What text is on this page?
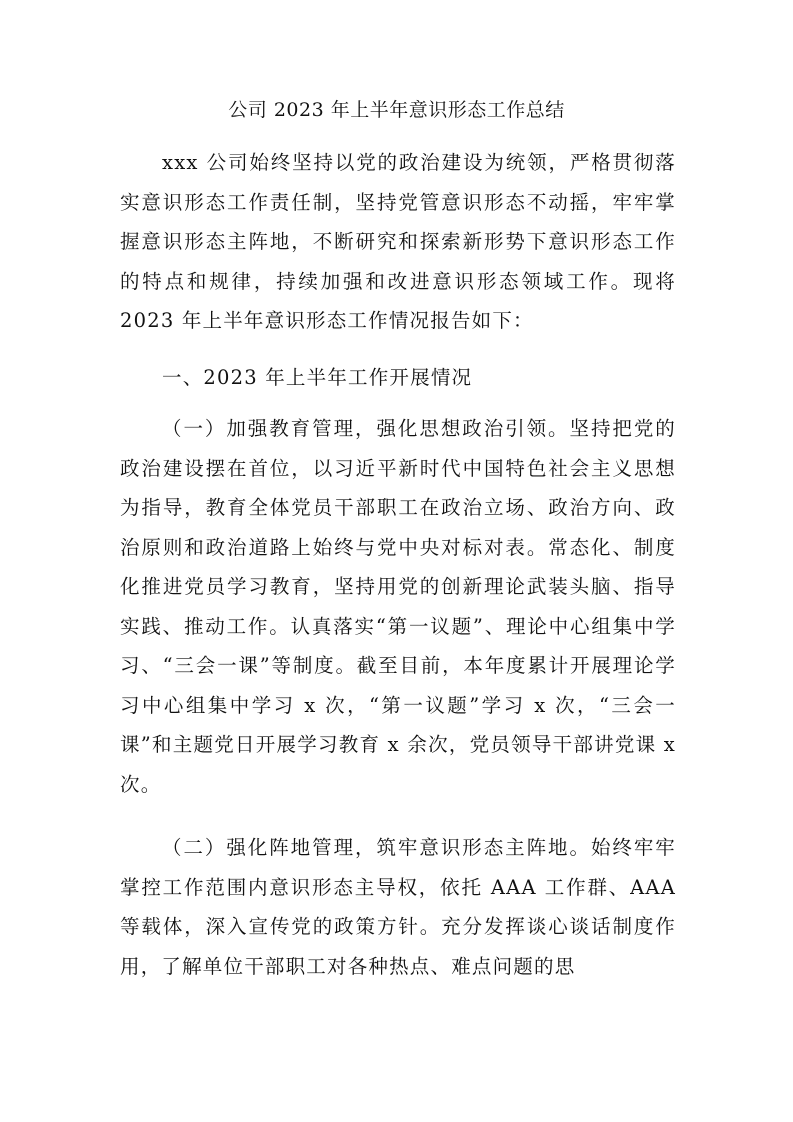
公司 2023 年上半年意识形态工作总结

xxx 公司始终坚持以党的政治建设为统领，严格贯彻落实意识形态工作责任制，坚持党管意识形态不动摇，牢牢掌握意识形态主阵地，不断研究和探索新形势下意识形态工作的特点和规律，持续加强和改进意识形态领域工作。现将 2023 年上半年意识形态工作情况报告如下：

一、2023 年上半年工作开展情况

（一）加强教育管理，强化思想政治引领。坚持把党的政治建设摆在首位，以习近平新时代中国特色社会主义思想为指导，教育全体党员干部职工在政治立场、政治方向、政治原则和政治道路上始终与党中央对标对表。常态化、制度化推进党员学习教育，坚持用党的创新理论武装头脑、指导实践、推动工作。认真落实“第一议题”、理论中心组集中学习、“三会一课”等制度。截至目前，本年度累计开展理论学习中心组集中学习 x 次，“第一议题”学习 x 次，“三会一课”和主题党日开展学习教育 x 余次，党员领导干部讲党课 x 次。

（二）强化阵地管理，筑牢意识形态主阵地。始终牢牢掌控工作范围内意识形态主导权，依托 AAA 工作群、AAA 等载体，深入宣传党的政策方针。充分发挥谈心谈话制度作用，了解单位干部职工对各种热点、难点问题的思
